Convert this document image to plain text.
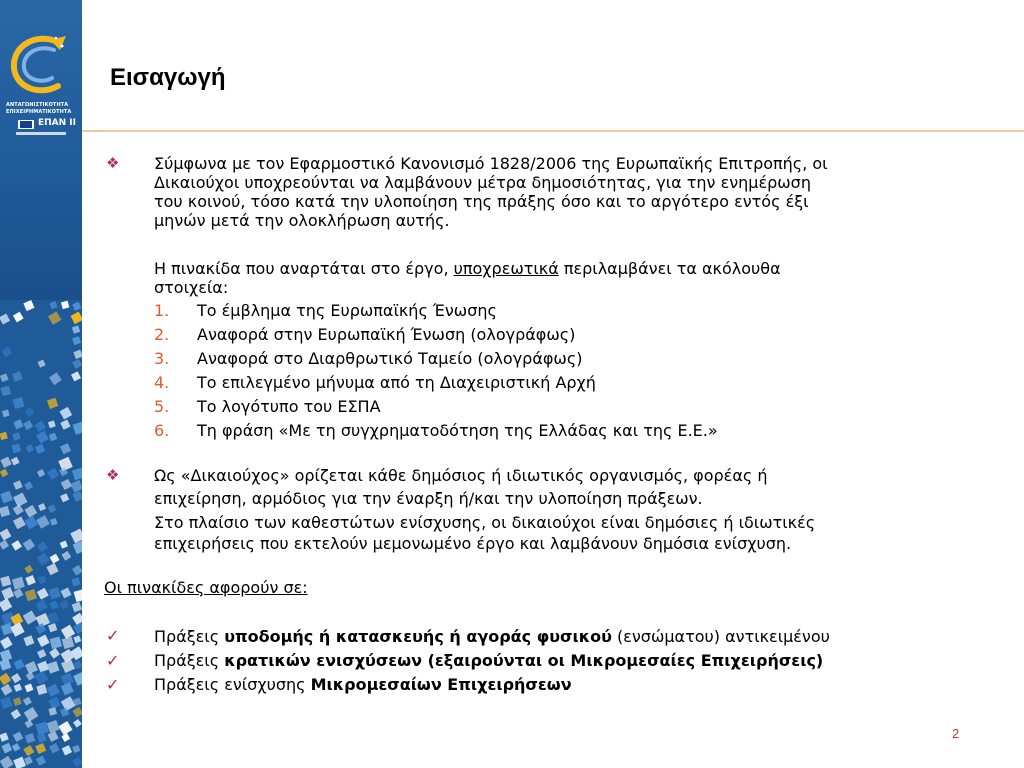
ΑΝΤΑΓΩΝΙΣΤΙΚΟΤΗΤΑ
ΕΠΙΧΕΙΡΗΜΑΤΙΚΟΤΗΤΑ
ΕΠΑΝ ΙΙ
Εισαγωγή
❖ Σύμφωνα με τον Εφαρμοστικό Κανονισμό 1828/2006 της Ευρωπαϊκής Επιτροπής, οι
Δικαιούχοι υποχρεούνται να λαμβάνουν μέτρα δημοσιότητας, για την ενημέρωση
του κοινού, τόσο κατά την υλοποίηση της πράξης όσο και το αργότερο εντός έξι
μηνών μετά την ολοκλήρωση αυτής.
Η πινακίδα που αναρτάται στο έργο, υποχρεωτικά περιλαμβάνει τα ακόλουθα
στοιχεία:
1. Το έμβλημα της Ευρωπαϊκής Ένωσης
2. Αναφορά στην Ευρωπαϊκή Ένωση (ολογράφως)
3. Αναφορά στο Διαρθρωτικό Ταμείο (ολογράφως)
4. Το επιλεγμένο μήνυμα από τη Διαχειριστική Αρχή
5. Το λογότυπο του ΕΣΠΑ
6. Τη φράση «Με τη συγχρηματοδότηση της Ελλάδας και της Ε.Ε.»
❖ Ως «Δικαιούχος» ορίζεται κάθε δημόσιος ή ιδιωτικός οργανισμός, φορέας ή
επιχείρηση, αρμόδιος για την έναρξη ή/και την υλοποίηση πράξεων.
Στο πλαίσιο των καθεστώτων ενίσχυσης, οι δικαιούχοι είναι δημόσιες ή ιδιωτικές
επιχειρήσεις που εκτελούν μεμονωμένο έργο και λαμβάνουν δημόσια ενίσχυση.
Οι πινακίδες αφορούν σε:
✓ Πράξεις υποδομής ή κατασκευής ή αγοράς φυσικού (ενσώματου) αντικειμένου
✓ Πράξεις κρατικών ενισχύσεων (εξαιρούνται οι Μικρομεσαίες Επιχειρήσεις)
✓ Πράξεις ενίσχυσης Μικρομεσαίων Επιχειρήσεων
2
